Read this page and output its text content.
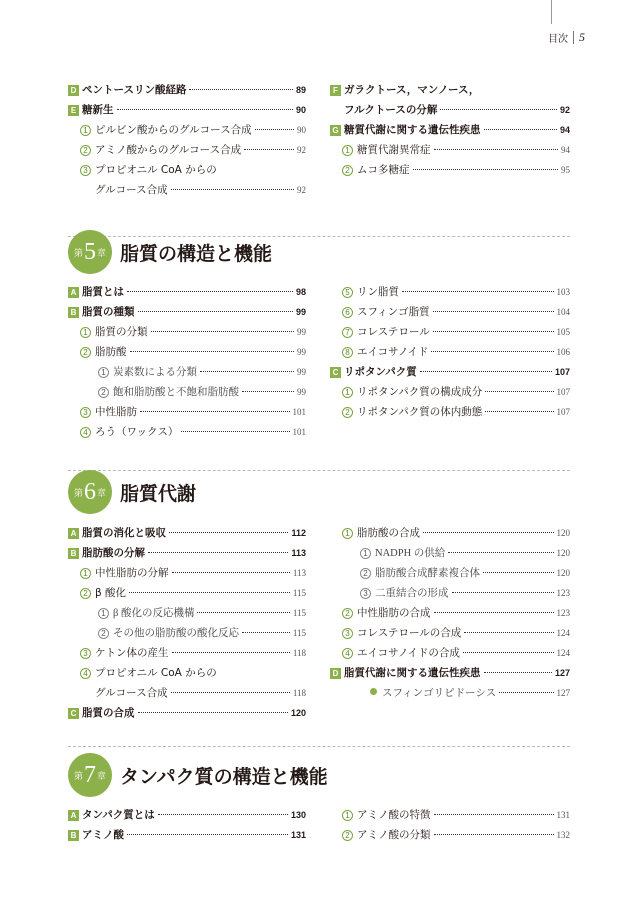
目次 5
D ペントースリン酸経路	89
E 糖新生	90
1 ピルビン酸からのグルコース合成	90
2 アミノ酸からのグルコース合成	92
3 プロピオニル CoA からの
グルコース合成	92
F ガラクトース，マンノース，
フルクトースの分解	92
G 糖質代謝に関する遺伝性疾患	94
1 糖質代謝異常症	94
2 ムコ多糖症	95
第 5 章 脂質の構造と機能
A 脂質とは	98
B 脂質の種類	99
1 脂質の分類	99
2 脂肪酸	99
1 炭素数による分類	99
2 飽和脂肪酸と不飽和脂肪酸	99
3 中性脂肪	101
4 ろう（ワックス）	101
5 リン脂質	103
6 スフィンゴ脂質	104
7 コレステロール	105
8 エイコサノイド	106
C リポタンパク質	107
1 リポタンパク質の構成成分	107
2 リポタンパク質の体内動態	107
第 6 章 脂質代謝
A 脂質の消化と吸収	112
B 脂肪酸の分解	113
1 中性脂肪の分解	113
2 β 酸化	115
1 β 酸化の反応機構	115
2 その他の脂肪酸の酸化反応	115
3 ケトン体の産生	118
4 プロピオニル CoA からの
グルコース合成	118
C 脂質の合成	120
1 脂肪酸の合成	120
1 NADPH の供給	120
2 脂肪酸合成酵素複合体	120
3 二重結合の形成	123
2 中性脂肪の合成	123
3 コレステロールの合成	124
4 エイコサノイドの合成	124
D 脂質代謝に関する遺伝性疾患	127
スフィンゴリピドーシス	127
第 7 章 タンパク質の構造と機能
A タンパク質とは	130
B アミノ酸	131
1 アミノ酸の特徴	131
2 アミノ酸の分類	132
